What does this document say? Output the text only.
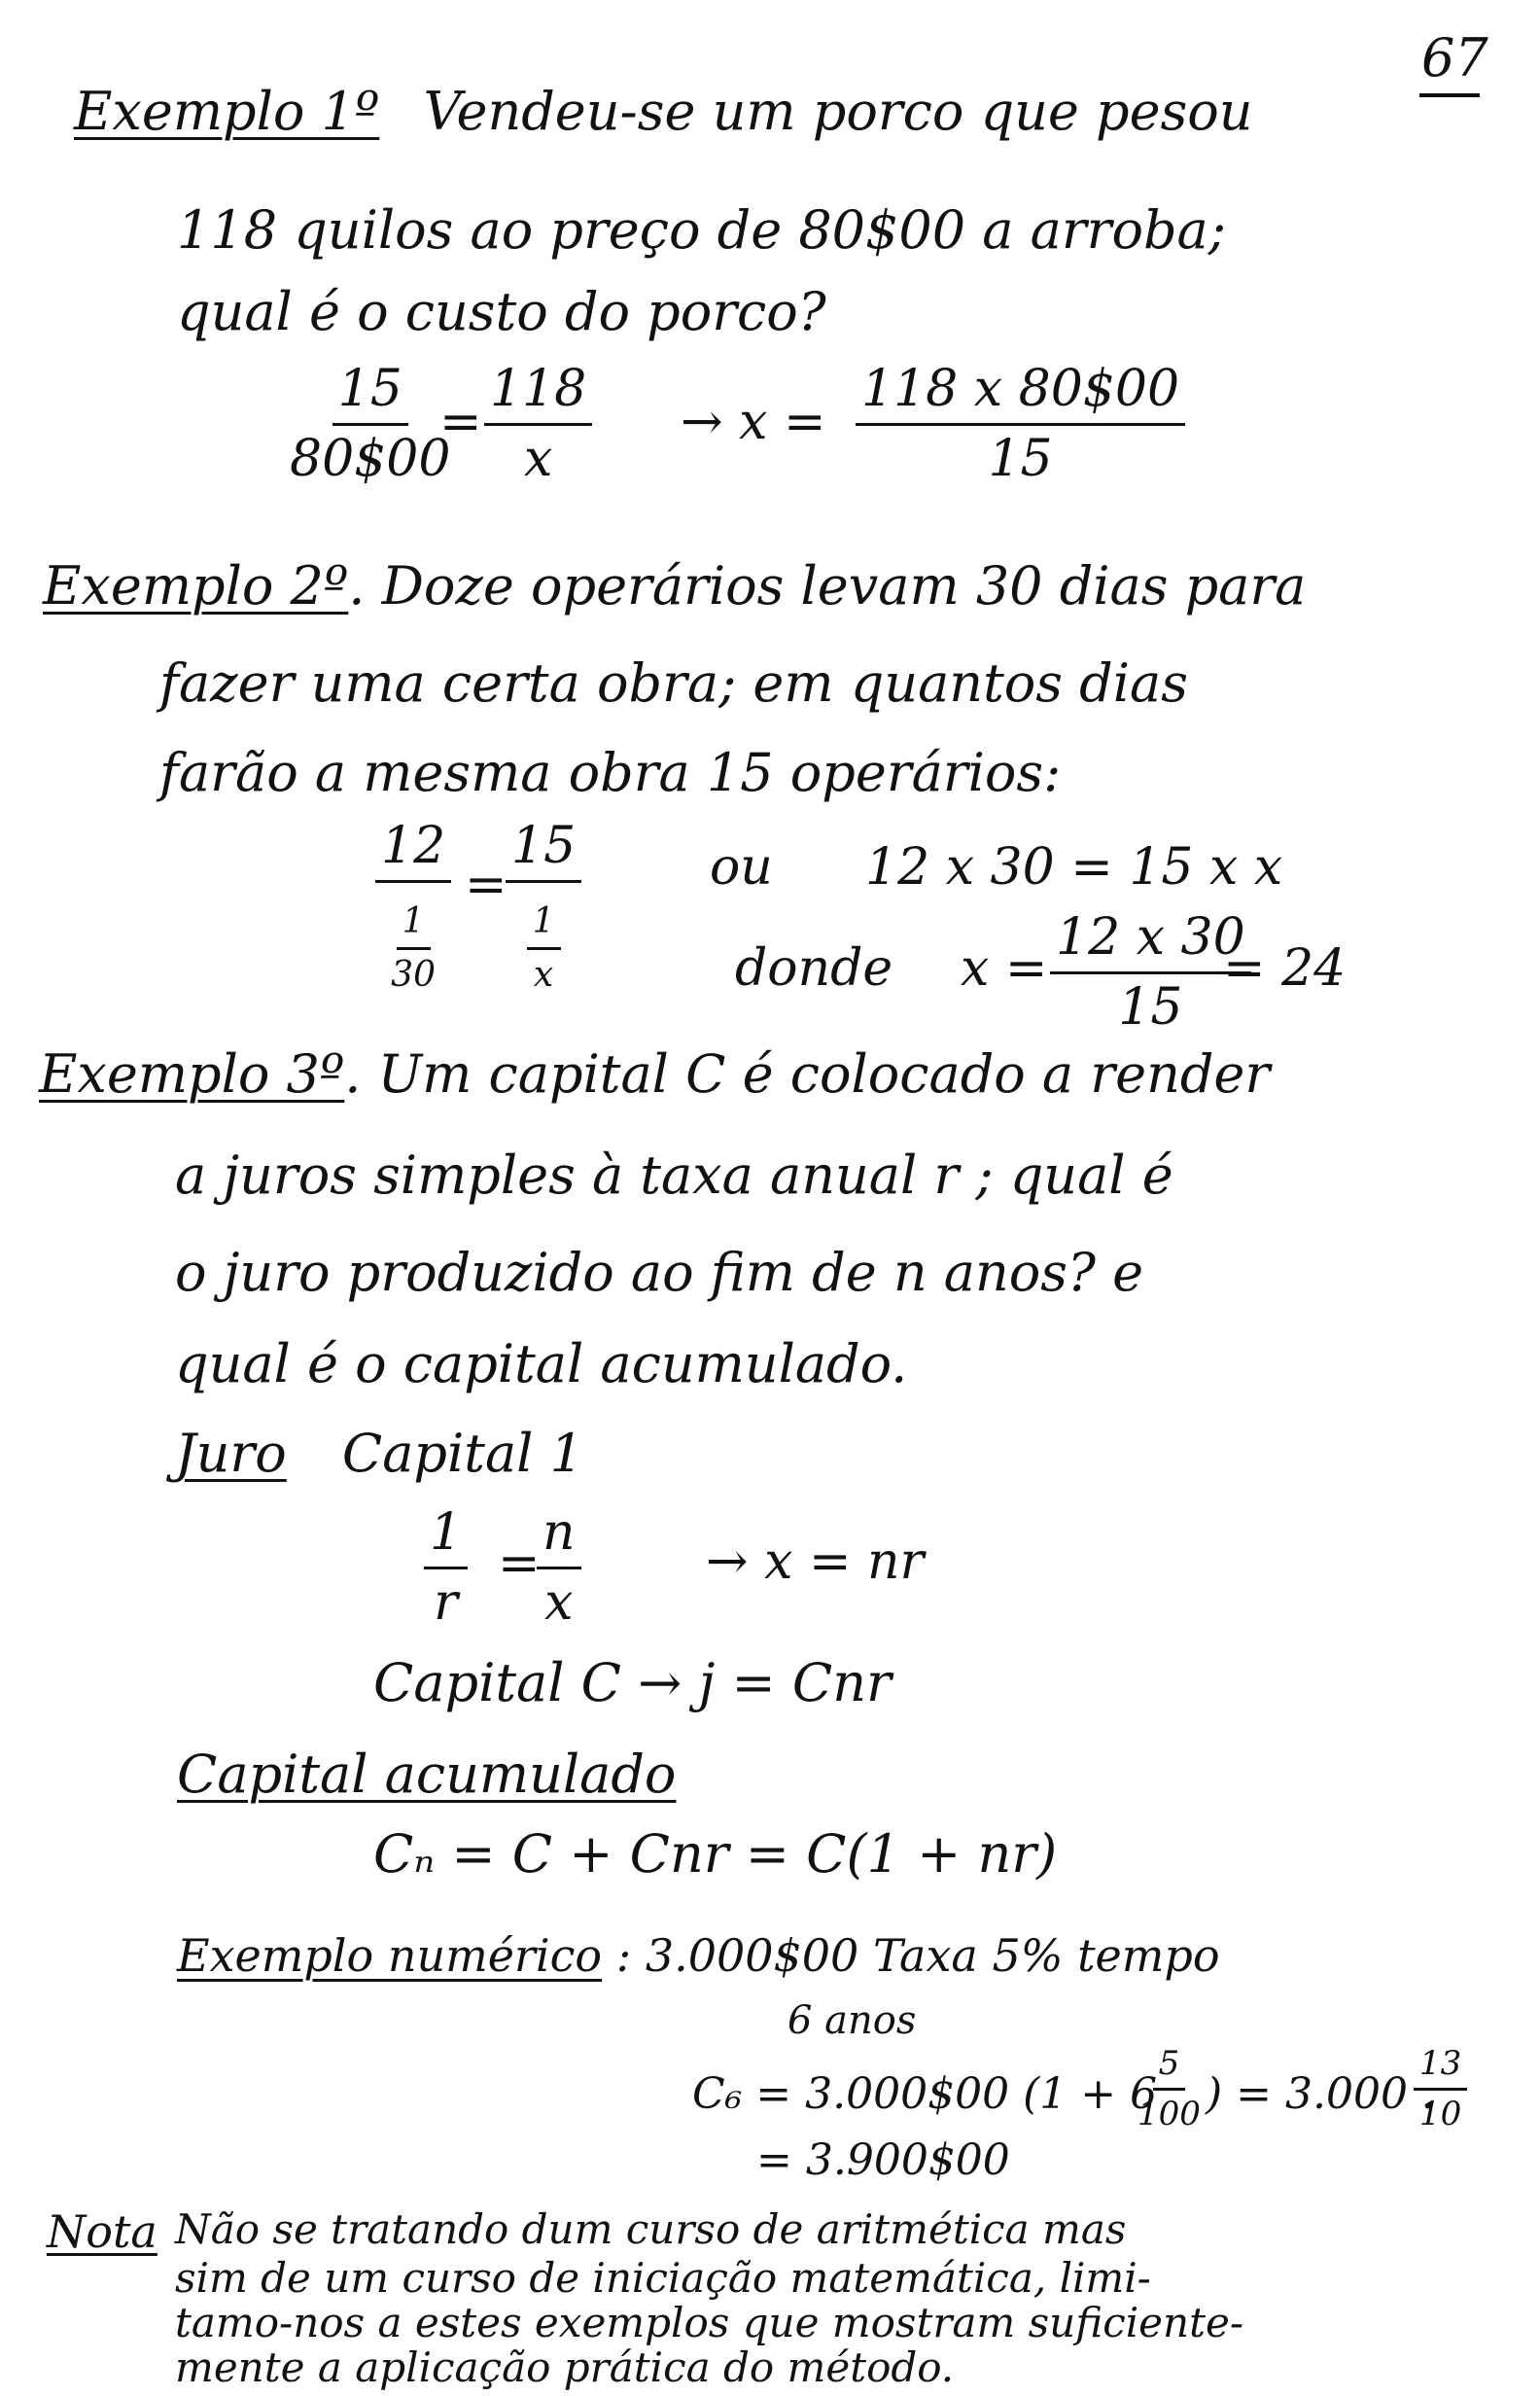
67
Exemplo 1º Vendeu-se um porco que pesou
118 quilos ao preço de 80$00 a arroba;
qual é o custo do porco?
$\frac{15}{80\$00}$
= $\frac{118}{x} \to x = \frac{118 x 80\$00}{15}$
Exemplo 2º. Doze operários levam 30 dias para
fazer uma certa obra; em quantos dias
farão a mesma obra 15 operários:
$\frac{12}{\frac{1}{30}}$ =
$\frac{15}{\frac{1}{x}}$	ou 12 x 30 = 15 x x
donde $x = \frac{12 x 30}{15}$
= 24
Exemplo 3º. Um capital C é colocado a render
a juros simples à taxa anual r ; qual é
o juro produzido ao fim de n anos? e
qual é o capital acumulado.
Juro Capital 1
$\frac{1}{r}$ =
$\frac{n}{x} \to x$ = nr
Capital C → j = Cnr
Capital acumulado
Cₙ = C + Cnr = C(1 + nr)
Exemplo numérico : 3.000$00 Taxa 5% tempo
6 anos
C₆ = 3.000$00 (1 + 6
$\frac{5}{100}$ ) = 3.000 .
$\frac{13}{10}$
= 3.900$00
Nota Não se tratando dum curso de aritmética mas
sim de um curso de iniciação matemática, limi-
tamo-nos a estes exemplos que mostram suficiente-
mente a aplicação prática do método.
